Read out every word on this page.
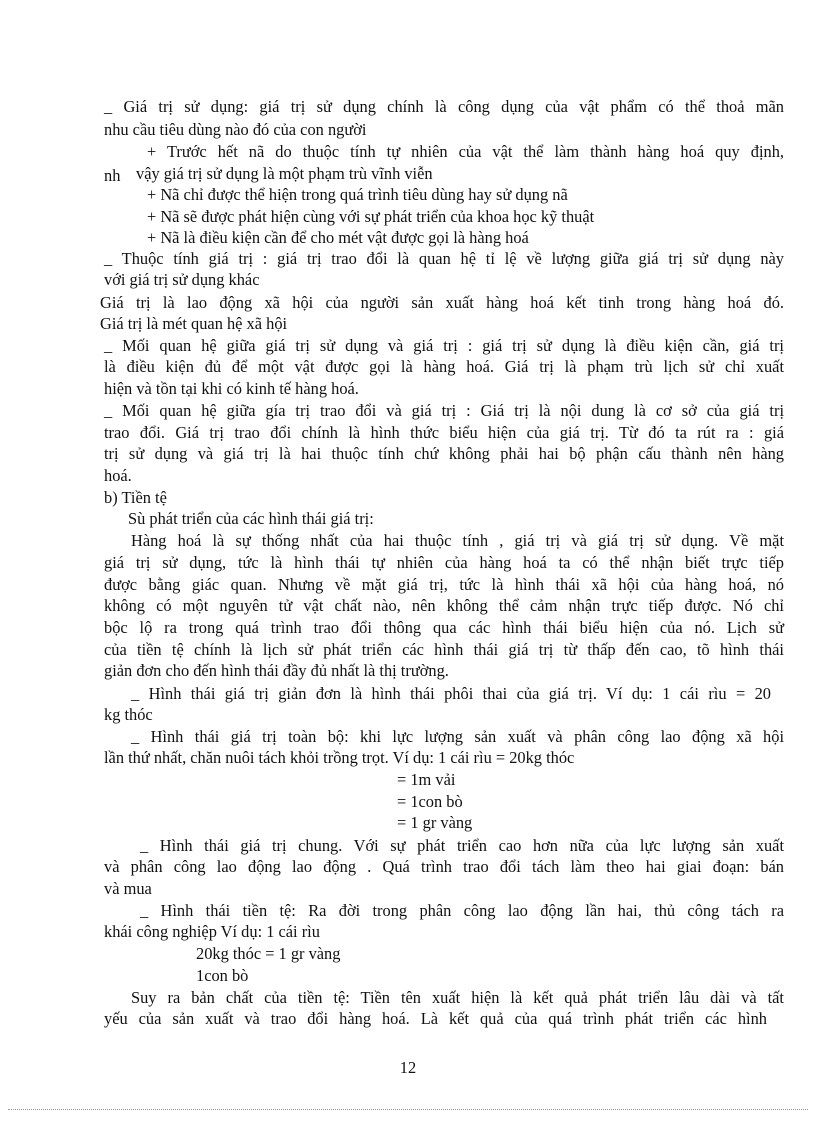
_ Giá trị sử dụng: giá trị sử dụng chính là công dụng của vật phẩm có thể thoả mãn
nhu cầu tiêu dùng nào đó của con người
+ Trước hết nã do thuộc tính tự nhiên của vật thể làm thành hàng hoá quy định,
nh vậy giá trị sử dụng là một phạm trù vĩnh viễn
+ Nã chỉ được thể hiện trong quá trình tiêu dùng hay sử dụng nã
+ Nã sẽ được phát hiện cùng với sự phát triển của khoa học kỹ thuật
+ Nã là điều kiện cần để cho mét vật được gọi là hàng hoá
_ Thuộc tính giá trị : giá trị trao đổi là quan hệ tỉ lệ về lượng giữa giá trị sử dụng này
với giá trị sử dụng khác
Giá trị là lao động xã hội của người sản xuất hàng hoá kết tinh trong hàng hoá đó.
Giá trị là mét quan hệ xã hội
_ Mối quan hệ giữa giá trị sử dụng và giá trị : giá trị sử dụng là điều kiện cần, giá trị
là điều kiện đủ để một vật được gọi là hàng hoá. Giá trị là phạm trù lịch sử chỉ xuất
hiện và tồn tại khi có kinh tế hàng hoá.
_ Mối quan hệ giữa gía trị trao đổi và giá trị : Giá trị là nội dung là cơ sở của giá trị
trao đổi. Giá trị trao đổi chính là hình thức biểu hiện của giá trị. Từ đó ta rút ra : giá
trị sử dụng và giá trị là hai thuộc tính chứ không phải hai bộ phận cấu thành nên hàng
hoá.
b) Tiền tệ
Sù phát triển của các hình thái giá trị:
Hàng hoá là sự thống nhất của hai thuộc tính , giá trị và giá trị sử dụng. Về mặt
giá trị sử dụng, tức là hình thái tự nhiên của hàng hoá ta có thể nhận biết trực tiếp
được bằng giác quan. Nhưng về mặt giá trị, tức là hình thái xã hội của hàng hoá, nó
không có một nguyên tử vật chất nào, nên không thể cảm nhận trực tiếp được. Nó chỉ
bộc lộ ra trong quá trình trao đổi thông qua các hình thái biểu hiện của nó. Lịch sử
của tiền tệ chính là lịch sử phát triển các hình thái giá trị từ thấp đến cao, tõ hình thái
giản đơn cho đến hình thái đầy đủ nhất là thị trường.
_ Hình thái giá trị giản đơn là hình thái phôi thai của giá trị. Ví dụ: 1 cái rìu = 20
kg thóc
_ Hình thái giá trị toàn bộ: khi lực lượng sản xuất và phân công lao động xã hội
lần thứ nhất, chăn nuôi tách khỏi trồng trọt. Ví dụ: 1 cái rìu = 20kg thóc
= 1m vải
= 1con bò
= 1 gr vàng
_ Hình thái giá trị chung. Với sự phát triển cao hơn nữa của lực lượng sản xuất
và phân công lao động lao động . Quá trình trao đổi tách làm theo hai giai đoạn: bán
và mua
_ Hình thái tiền tệ: Ra đời trong phân công lao động lần hai, thủ công tách ra
khái công nghiệp Ví dụ: 1 cái rìu
20kg thóc = 1 gr vàng
1con bò
Suy ra bản chất của tiền tệ: Tiền tên xuất hiện là kết quả phát triển lâu dài và tất
yếu của sản xuất và trao đổi hàng hoá. Là kết quả của quá trình phát triển các hình
12
